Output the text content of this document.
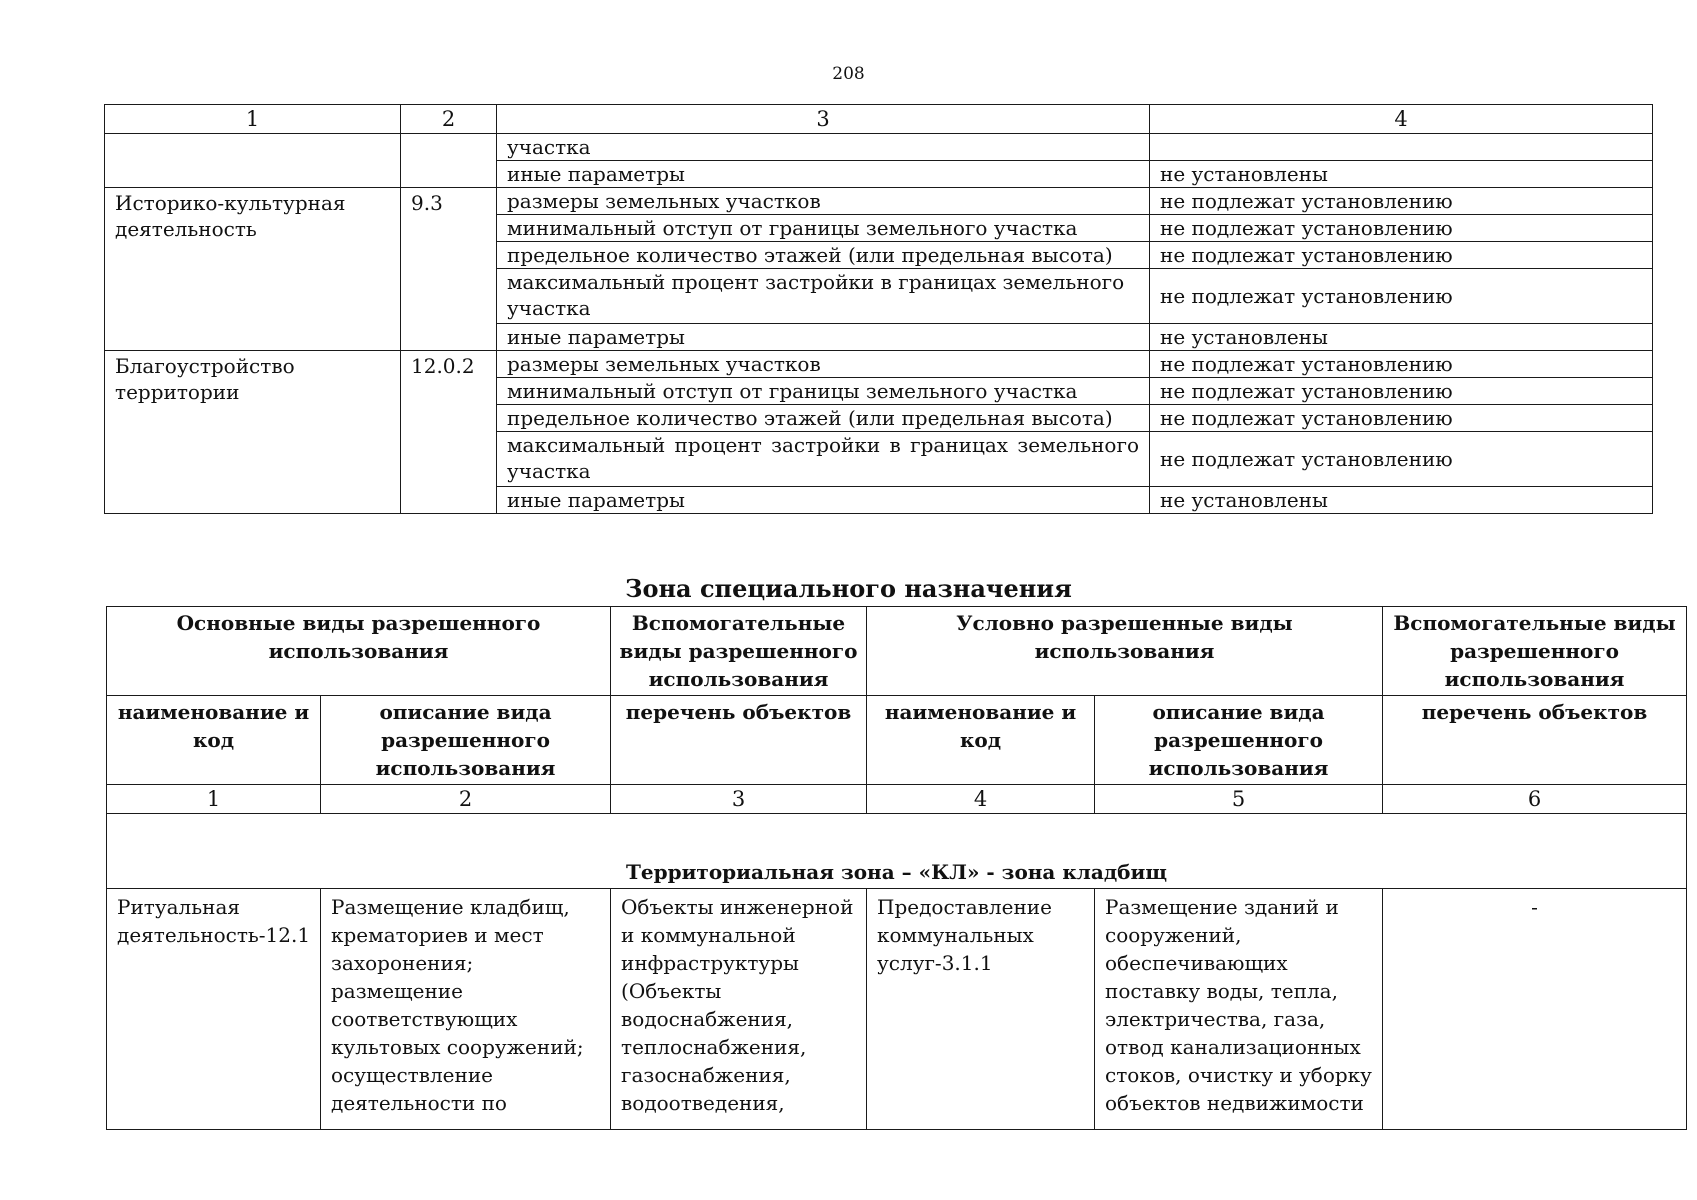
208
1	2	3	4
		участка	
		иные параметры	не установлены
Историко-культурная деятельность	9.3	размеры земельных участков	не подлежат установлению
		минимальный отступ от границы земельного участка	не подлежат установлению
		предельное количество этажей (или предельная высота)	не подлежат установлению
		максимальный процент застройки в границах земельного участка	не подлежат установлению
		иные параметры	не установлены
Благоустройство территории	12.0.2	размеры земельных участков	не подлежат установлению
		минимальный отступ от границы земельного участка	не подлежат установлению
		предельное количество этажей (или предельная высота)	не подлежат установлению
		максимальный процент застройки в границах земельного участка	не подлежат установлению
		иные параметры	не установлены
Зона специального назначения
Основные виды разрешенного использования		Вспомогательные виды разрешенного использования	Условно разрешенные виды использования		Вспомогательные виды разрешенного использования
наименование и код	описание вида разрешенного использования	перечень объектов	наименование и код	описание вида разрешенного использования	перечень объектов
1	2	3	4	5	6
Территориальная зона – «КЛ» - зона кладбищ					
Ритуальная деятельность-12.1	Размещение кладбищ, крематориев и мест захоронения; размещение соответствующих культовых сооружений; осуществление деятельности по	Объекты инженерной и коммунальной инфраструктуры (Объекты водоснабжения, теплоснабжения, газоснабжения, водоотведения,	Предоставление коммунальных услуг-3.1.1	Размещение зданий и сооружений, обеспечивающих поставку воды, тепла, электричества, газа, отвод канализационных стоков, очистку и уборку объектов недвижимости	-
